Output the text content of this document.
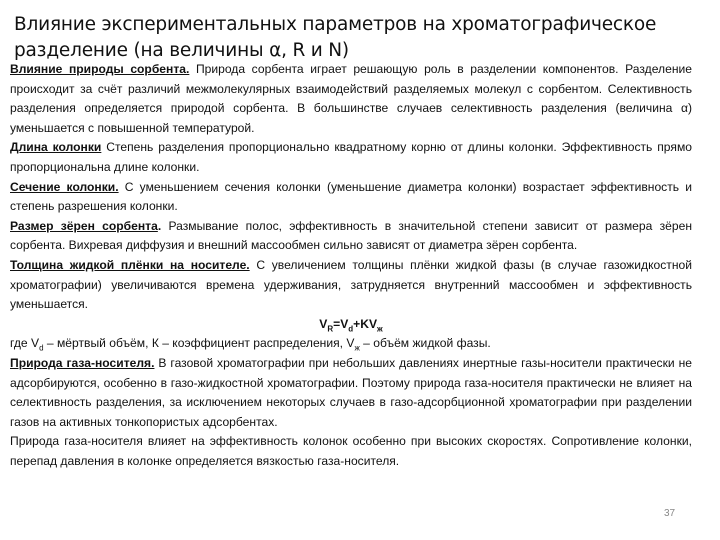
Влияние экспериментальных параметров на хроматографическое разделение (на величины α, R и N)

Влияние природы сорбента. Природа сорбента играет решающую роль в разделении компонентов. Разделение происходит за счёт различий межмолекулярных взаимодействий разделяемых молекул с сорбентом. Селективность разделения определяется природой сорбента. В большинстве случаев селективность разделения (величина α) уменьшается с повышенной температурой.

Длина колонки Степень разделения пропорционально квадратному корню от длины колонки. Эффективность прямо пропорциональна длине колонки.

Сечение колонки. С уменьшением сечения колонки (уменьшение диаметра колонки) возрастает эффективность и степень разрешения колонки.

Размер зёрен сорбента. Размывание полос, эффективность в значительной степени зависит от размера зёрен сорбента. Вихревая диффузия и внешний массообмен сильно зависят от диаметра зёрен сорбента.

Толщина жидкой плёнки на носителе. С увеличением толщины плёнки жидкой фазы (в случае газожидкостной хроматографии) увеличиваются времена удерживания, затрудняется внутренний массообмен и эффективность уменьшается.

$V_R=V_d+KV_ж$

где $V_d$ – мёртвый объём, К – коэффициент распределения, $V_ж$ – объём жидкой фазы.

Природа газа-носителя. В газовой хроматографии при небольших давлениях инертные газы-носители практически не адсорбируются, особенно в газо-жидкостной хроматографии. Поэтому природа газа-носителя практически не влияет на селективность разделения, за исключением некоторых случаев в газо-адсорбционной хроматографии при разделении газов на активных тонкопористых адсорбентах.

Природа газа-носителя влияет на эффективность колонок особенно при высоких скоростях. Сопротивление колонки, перепад давления в колонке определяется вязкостью газа-носителя.

37
